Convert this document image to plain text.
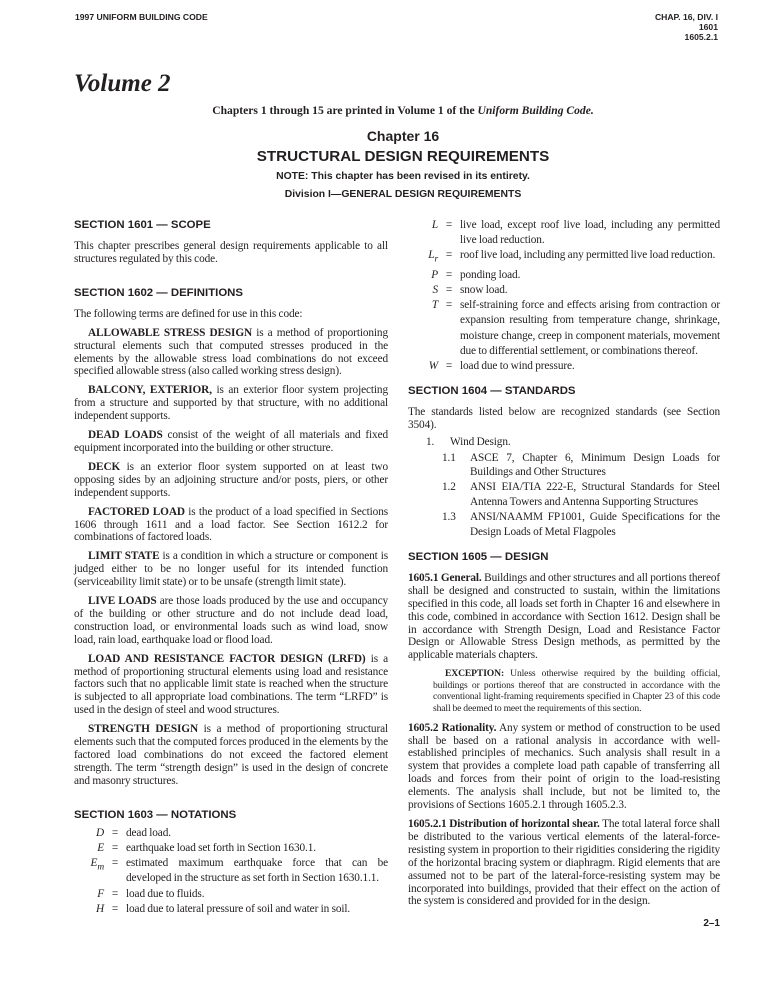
1997 UNIFORM BUILDING CODE	CHAP. 16, DIV. I
1601
1605.2.1
Volume 2
Chapters 1 through 15 are printed in Volume 1 of the Uniform Building Code.
Chapter 16
STRUCTURAL DESIGN REQUIREMENTS
NOTE: This chapter has been revised in its entirety.
Division I—GENERAL DESIGN REQUIREMENTS
SECTION 1601 — SCOPE

This chapter prescribes general design requirements applicable to all structures regulated by this code.

SECTION 1602 — DEFINITIONS

The following terms are defined for use in this code:

ALLOWABLE STRESS DESIGN is a method of proportioning structural elements such that computed stresses produced in the elements by the allowable stress load combinations do not exceed specified allowable stress (also called working stress design).

BALCONY, EXTERIOR, is an exterior floor system projecting from a structure and supported by that structure, with no additional independent supports.

DEAD LOADS consist of the weight of all materials and fixed equipment incorporated into the building or other structure.

DECK is an exterior floor system supported on at least two opposing sides by an adjoining structure and/or posts, piers, or other independent supports.

FACTORED LOAD is the product of a load specified in Sections 1606 through 1611 and a load factor. See Section 1612.2 for combinations of factored loads.

LIMIT STATE is a condition in which a structure or component is judged either to be no longer useful for its intended function (serviceability limit state) or to be unsafe (strength limit state).

LIVE LOADS are those loads produced by the use and occupancy of the building or other structure and do not include dead load, construction load, or environmental loads such as wind load, snow load, rain load, earthquake load or flood load.

LOAD AND RESISTANCE FACTOR DESIGN (LRFD) is a method of proportioning structural elements using load and resistance factors such that no applicable limit state is reached when the structure is subjected to all appropriate load combinations. The term “LRFD” is used in the design of steel and wood structures.

STRENGTH DESIGN is a method of proportioning structural elements such that the computed forces produced in the elements by the factored load combinations do not exceed the factored element strength. The term “strength design” is used in the design of concrete and masonry structures.

SECTION 1603 — NOTATIONS
D = dead load.
E = earthquake load set forth in Section 1630.1.
$E_m$ = estimated maximum earthquake force that can be developed in the structure as set forth in Section 1630.1.1.
F = load due to fluids.
H = load due to lateral pressure of soil and water in soil.
L = live load, except roof live load, including any permitted live load reduction.
$L_r$ = roof live load, including any permitted live load reduction.
P = ponding load.
S = snow load.
T = self-straining force and effects arising from contraction or expansion resulting from temperature change, shrinkage, moisture change, creep in component materials, movement due to differential settlement, or combinations thereof.
W = load due to wind pressure.
SECTION 1604 — STANDARDS

The standards listed below are recognized standards (see Section 3504).

1.	Wind Design.
1.1	ASCE 7, Chapter 6, Minimum Design Loads for Buildings and Other Structures
1.2	ANSI EIA/TIA 222-E, Structural Standards for Steel Antenna Towers and Antenna Supporting Structures
1.3	ANSI/NAAMM FP1001, Guide Specifications for the Design Loads of Metal Flagpoles
SECTION 1605 — DESIGN

1605.1 General. Buildings and other structures and all portions thereof shall be designed and constructed to sustain, within the limitations specified in this code, all loads set forth in Chapter 16 and elsewhere in this code, combined in accordance with Section 1612. Design shall be in accordance with Strength Design, Load and Resistance Factor Design or Allowable Stress Design methods, as permitted by the applicable materials chapters.

EXCEPTION: Unless otherwise required by the building official, buildings or portions thereof that are constructed in accordance with the conventional light-framing requirements specified in Chapter 23 of this code shall be deemed to meet the requirements of this section.

1605.2 Rationality. Any system or method of construction to be used shall be based on a rational analysis in accordance with well-established principles of mechanics. Such analysis shall result in a system that provides a complete load path capable of transferring all loads and forces from their point of origin to the load-resisting elements. The analysis shall include, but not be limited to, the provisions of Sections 1605.2.1 through 1605.2.3.

1605.2.1 Distribution of horizontal shear. The total lateral force shall be distributed to the various vertical elements of the lateral-force-resisting system in proportion to their rigidities considering the rigidity of the horizontal bracing system or diaphragm. Rigid elements that are assumed not to be part of the lateral-force-resisting system may be incorporated into buildings, provided that their effect on the action of the system is considered and provided for in the design.

2–1
